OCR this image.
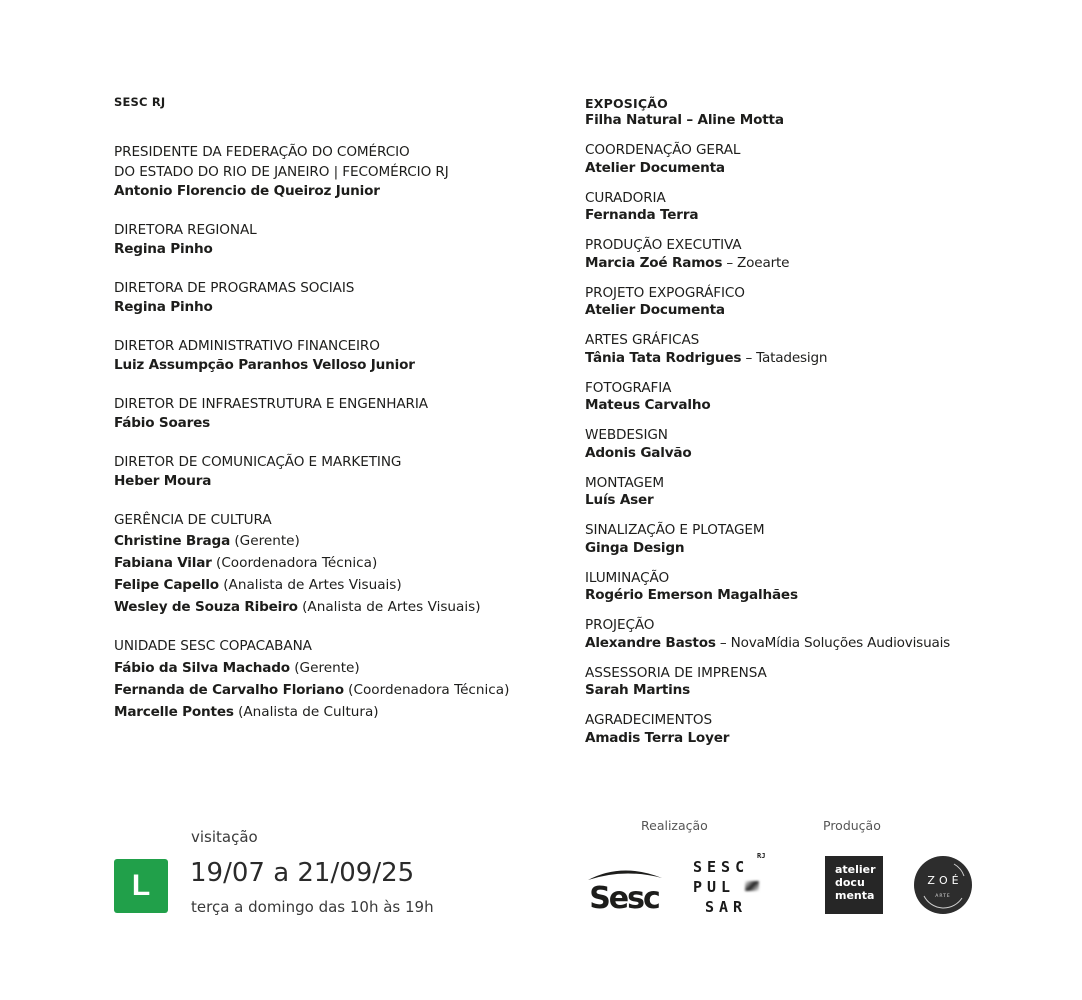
SESC RJ
PRESIDENTE DA FEDERAÇÃO DO COMÉRCIO
DO ESTADO DO RIO DE JANEIRO | FECOMÉRCIO RJ
Antonio Florencio de Queiroz Junior
DIRETORA REGIONAL
Regina Pinho
DIRETORA DE PROGRAMAS SOCIAIS
Regina Pinho
DIRETOR ADMINISTRATIVO FINANCEIRO
Luiz Assumpção Paranhos Velloso Junior
DIRETOR DE INFRAESTRUTURA E ENGENHARIA
Fábio Soares
DIRETOR DE COMUNICAÇÃO E MARKETING
Heber Moura
GERÊNCIA DE CULTURA
Christine Braga (Gerente)
Fabiana Vilar (Coordenadora Técnica)
Felipe Capello (Analista de Artes Visuais)
Wesley de Souza Ribeiro (Analista de Artes Visuais)
UNIDADE SESC COPACABANA
Fábio da Silva Machado (Gerente)
Fernanda de Carvalho Floriano (Coordenadora Técnica)
Marcelle Pontes (Analista de Cultura)
EXPOSIÇÃO
Filha Natural – Aline Motta
COORDENAÇÃO GERAL
Atelier Documenta
CURADORIA
Fernanda Terra
PRODUÇÃO EXECUTIVA
Marcia Zoé Ramos – Zoearte
PROJETO EXPOGRÁFICO
Atelier Documenta
ARTES GRÁFICAS
Tânia Tata Rodrigues – Tatadesign
FOTOGRAFIA
Mateus Carvalho
WEBDESIGN
Adonis Galvão
MONTAGEM
Luís Aser
SINALIZAÇÃO E PLOTAGEM
Ginga Design
ILUMINAÇÃO
Rogério Emerson Magalhães
PROJEÇÃO
Alexandre Bastos – NovaMídia Soluções Audiovisuais
ASSESSORIA DE IMPRENSA
Sarah Martins
AGRADECIMENTOS
Amadis Terra Loyer
L
visitação
19/07 a 21/09/25
terça a domingo das 10h às 19h
Realização	Produção
Sesc
SESC
PUL
SAR
RJ
atelier
docu
menta
ZOÉ
ARTE
